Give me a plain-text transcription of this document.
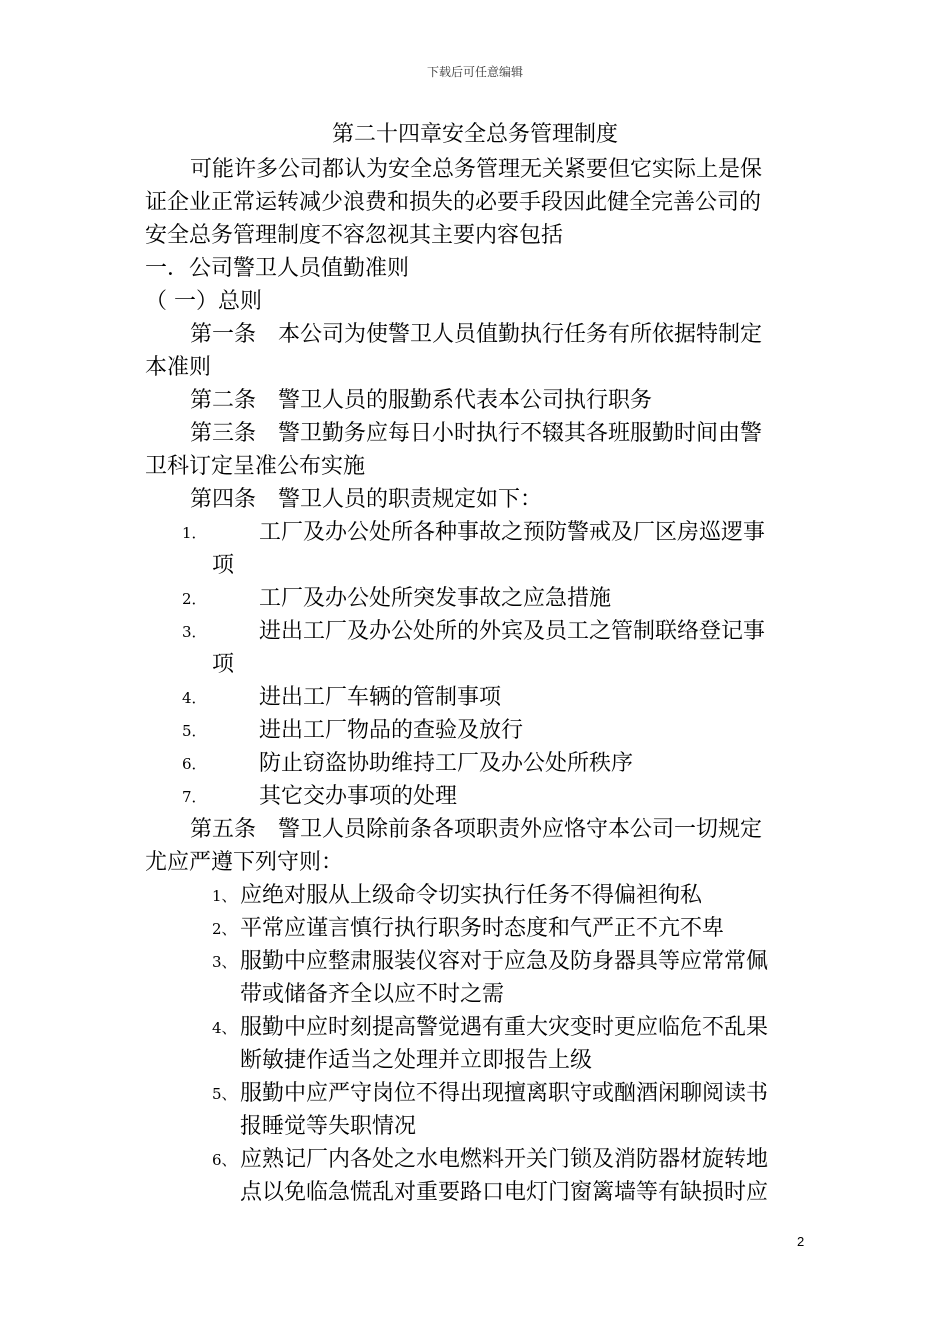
下载后可任意编辑
第二十四章安全总务管理制度
可能许多公司都认为安全总务管理无关紧要但它实际上是保
证企业正常运转减少浪费和损失的必要手段因此健全完善公司的
安全总务管理制度不容忽视其主要内容包括
一．公司警卫人员值勤准则
（ 一）总则
第一条　本公司为使警卫人员值勤执行任务有所依据特制定
本准则
第二条　警卫人员的服勤系代表本公司执行职务
第三条　警卫勤务应每日小时执行不辍其各班服勤时间由警
卫科订定呈准公布实施
第四条　警卫人员的职责规定如下：
1． 工厂及办公处所各种事故之预防警戒及厂区房巡逻事
项
2． 工厂及办公处所突发事故之应急措施
3． 进出工厂及办公处所的外宾及员工之管制联络登记事
项
4． 进出工厂车辆的管制事项
5． 进出工厂物品的查验及放行
6． 防止窃盗协助维持工厂及办公处所秩序
7． 其它交办事项的处理
第五条　警卫人员除前条各项职责外应恪守本公司一切规定
尤应严遵下列守则：
1、 应绝对服从上级命令切实执行任务不得偏袒徇私
2、 平常应谨言慎行执行职务时态度和气严正不亢不卑
3、 服勤中应整肃服装仪容对于应急及防身器具等应常常佩
带或储备齐全以应不时之需
4、 服勤中应时刻提高警觉遇有重大灾变时更应临危不乱果
断敏捷作适当之处理并立即报告上级
5、 服勤中应严守岗位不得出现擅离职守或酗酒闲聊阅读书
报睡觉等失职情况
6、 应熟记厂内各处之水电燃料开关门锁及消防器材旋转地
点以免临急慌乱对重要路口电灯门窗篱墙等有缺损时应
2
